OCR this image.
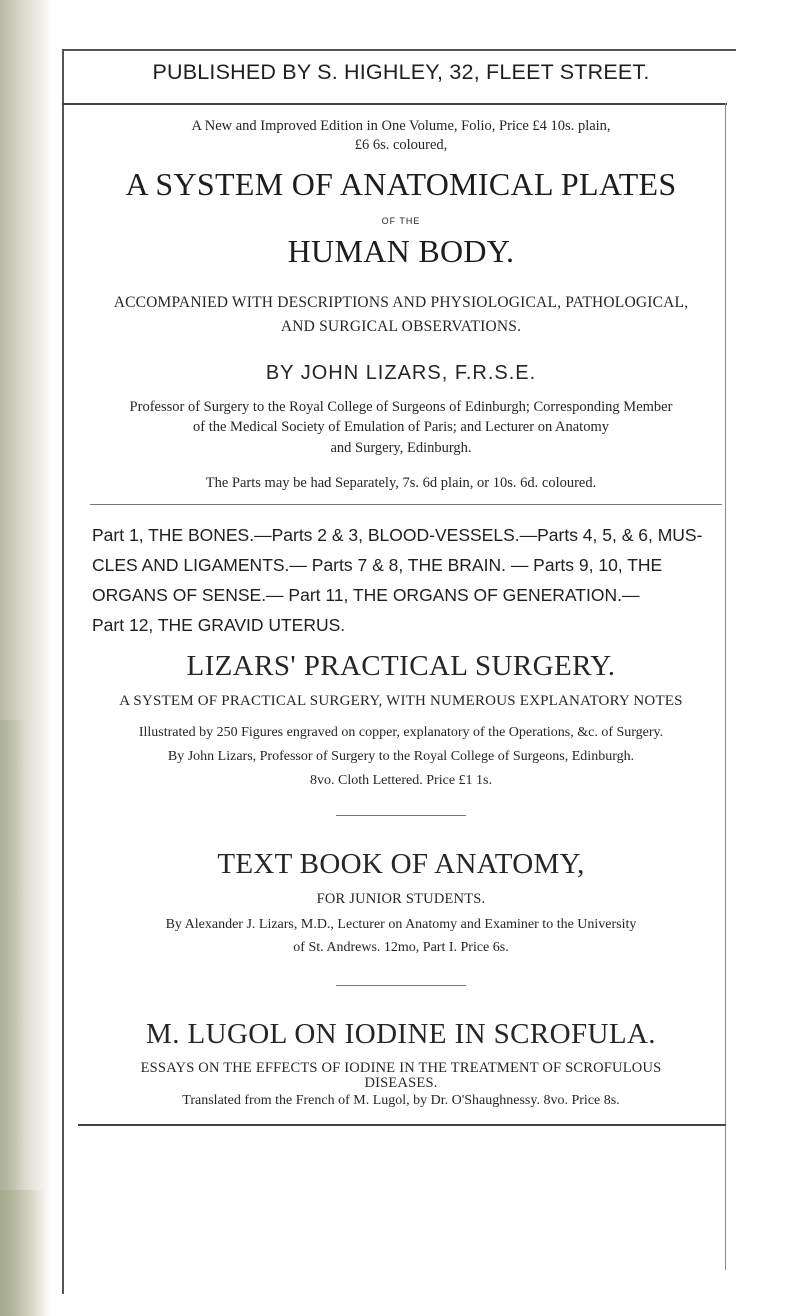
PUBLISHED BY S. HIGHLEY, 32, FLEET STREET.

A New and Improved Edition in One Volume, Folio, Price £4 10s. plain,

£6 6s. coloured,

A SYSTEM OF ANATOMICAL PLATES

OF THE

HUMAN BODY.

ACCOMPANIED WITH DESCRIPTIONS AND PHYSIOLOGICAL, PATHOLOGICAL,

AND SURGICAL OBSERVATIONS.

BY JOHN LIZARS, F.R.S.E.

Professor of Surgery to the Royal College of Surgeons of Edinburgh; Corresponding Member

of the Medical Society of Emulation of Paris; and Lecturer on Anatomy

and Surgery, Edinburgh.

The Parts may be had Separately, 7s. 6d plain, or 10s. 6d. coloured.

Part 1, THE BONES.—Parts 2 & 3, BLOOD-VESSELS.—Parts 4, 5, & 6, MUS-
CLES AND LIGAMENTS.— Parts 7 & 8, THE BRAIN. — Parts 9, 10, THE
ORGANS OF SENSE.— Part 11, THE ORGANS OF GENERATION.—
Part 12, THE GRAVID UTERUS.

LIZARS' PRACTICAL SURGERY.

A SYSTEM OF PRACTICAL SURGERY, WITH NUMEROUS EXPLANATORY NOTES

Illustrated by 250 Figures engraved on copper, explanatory of the Operations, &c. of Surgery.

By John Lizars, Professor of Surgery to the Royal College of Surgeons, Edinburgh.

8vo. Cloth Lettered. Price £1 1s.

TEXT BOOK OF ANATOMY,

FOR JUNIOR STUDENTS.

By Alexander J. Lizars, M.D., Lecturer on Anatomy and Examiner to the University

of St. Andrews. 12mo, Part I. Price 6s.

M. LUGOL ON IODINE IN SCROFULA.

ESSAYS ON THE EFFECTS OF IODINE IN THE TREATMENT OF SCROFULOUS

DISEASES.

Translated from the French of M. Lugol, by Dr. O'Shaughnessy. 8vo. Price 8s.
